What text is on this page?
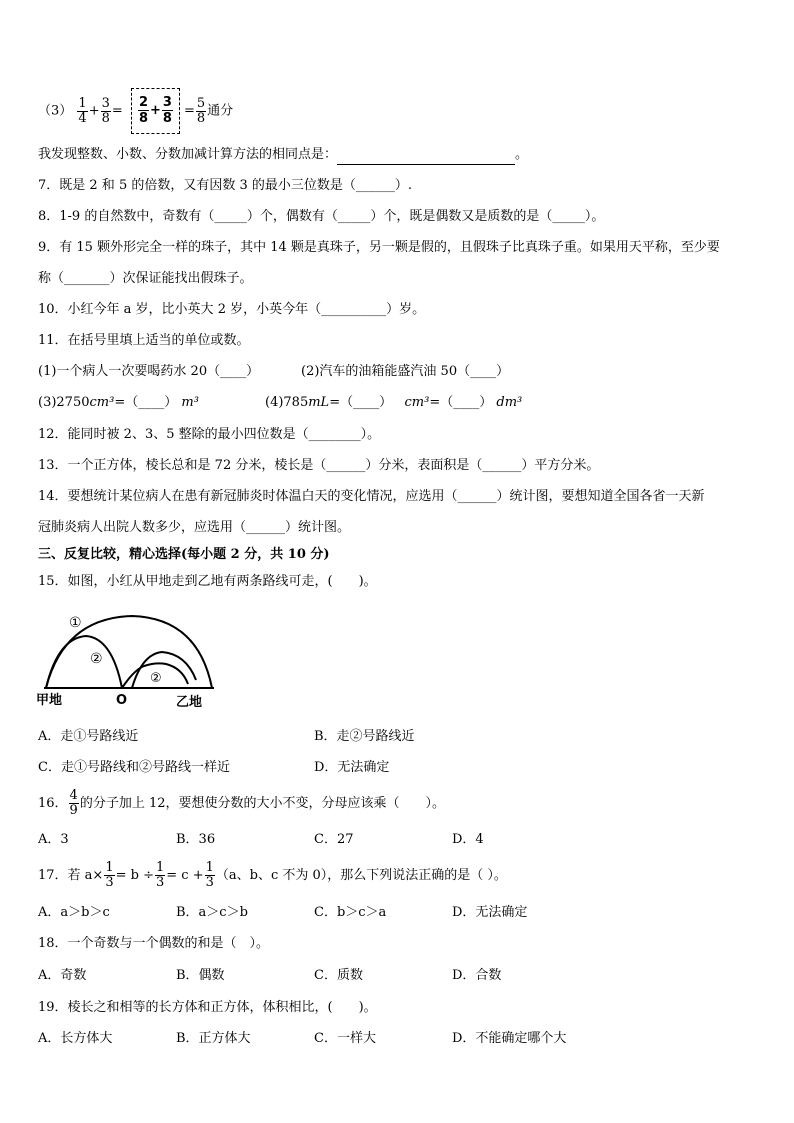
$(3) \frac{1}{4} + \frac{3}{8} = \frac{2}{8} + \frac{3}{8} = \frac{5}{8}$ 通分
我发现整数、小数、分数加减计算方法的相同点是：	。
7．既是 2 和 5 的倍数，又有因数 3 的最小三位数是（______）.
8．1-9 的自然数中，奇数有（_____）个，偶数有（_____）个，既是偶数又是质数的是（_____）。
9．有 15 颗外形完全一样的珠子，其中 14 颗是真珠子，另一颗是假的，且假珠子比真珠子重。如果用天平称，至少要
称（_______）次保证能找出假珠子。
10．小红今年 a 岁，比小英大 2 岁，小英今年（__________）岁。
11．在括号里填上适当的单位或数。
(1)一个病人一次要喝药水 20（____）	(2)汽车的油箱能盛汽油 50（____）
(3)2750cm³=（____） m³	(4)785mL=（____） cm³=（____） dm³
12．能同时被 2、3、5 整除的最小四位数是（________）。
13．一个正方体，棱长总和是 72 分米，棱长是（______）分米，表面积是（______）平方分米。
14．要想统计某位病人在患有新冠肺炎时体温白天的变化情况，应选用（______）统计图，要想知道全国各省一天新
冠肺炎病人出院人数多少，应选用（______）统计图。
三、反复比较，精心选择(每小题 2 分，共 10 分)
15．如图，小红从甲地走到乙地有两条路线可走，(　　)。
①
②
②
甲地	O	乙地
A．走①号路线近	B．走②号路线近
C．走①号路线和②号路线一样近	D．无法确定
16． $\frac{4}{9}$ 的分子加上 12，要想使分数的大小不变，分母应该乘（　　）。
A．3	B．36	C．27	D．4
17．若 $a\times \frac{1}{3} = b \div \frac{1}{3} = c + \frac{1}{3} (a$、b、c 不为 0），那么下列说法正确的是（ ）。
A．a＞b＞c	B．a＞c＞b	C．b＞c＞a	D．无法确定
18．一个奇数与一个偶数的和是（　）。
A．奇数	B．偶数	C．质数	D．合数
19．棱长之和相等的长方体和正方体，体积相比，(　　)。
A．长方体大	B．正方体大	C．一样大	D．不能确定哪个大
